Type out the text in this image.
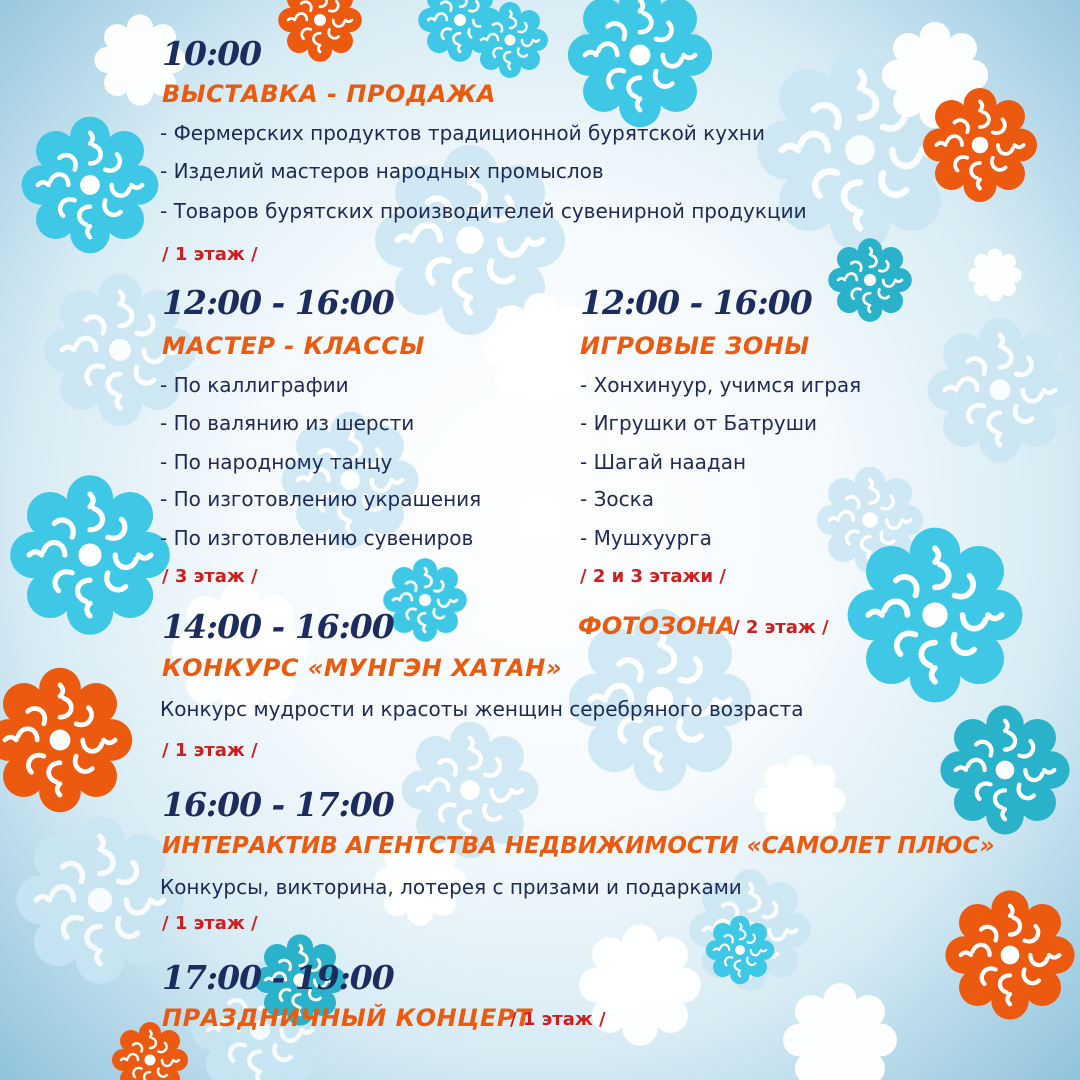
10:00
ВЫСТАВКА - ПРОДАЖА
- Фермерских продуктов традиционной бурятской кухни
- Изделий мастеров народных промыслов
- Товаров бурятских производителей сувенирной продукции
/ 1 этаж /
12:00 - 16:00
МАСТЕР - КЛАССЫ
- По каллиграфии
- По валянию из шерсти
- По народному танцу
- По изготовлению украшения
- По изготовлению сувениров
/ 3 этаж /
12:00 - 16:00
ИГРОВЫЕ ЗОНЫ
- Хонхинуур, учимся играя
- Игрушки от Батруши
- Шагай наадан
- Зоска
- Мушхуурга
/ 2 и 3 этажи /
ФОТОЗОНА
/ 2 этаж /
14:00 - 16:00
КОНКУРС «МУНГЭН ХАТАН»
Конкурс мудрости и красоты женщин серебряного возраста
/ 1 этаж /
16:00 - 17:00
ИНТЕРАКТИВ АГЕНТСТВА НЕДВИЖИМОСТИ «САМОЛЕТ ПЛЮС»
Конкурсы, викторина, лотерея с призами и подарками
/ 1 этаж /
17:00 - 19:00
ПРАЗДНИЧНЫЙ КОНЦЕРТ
/ 1 этаж /
